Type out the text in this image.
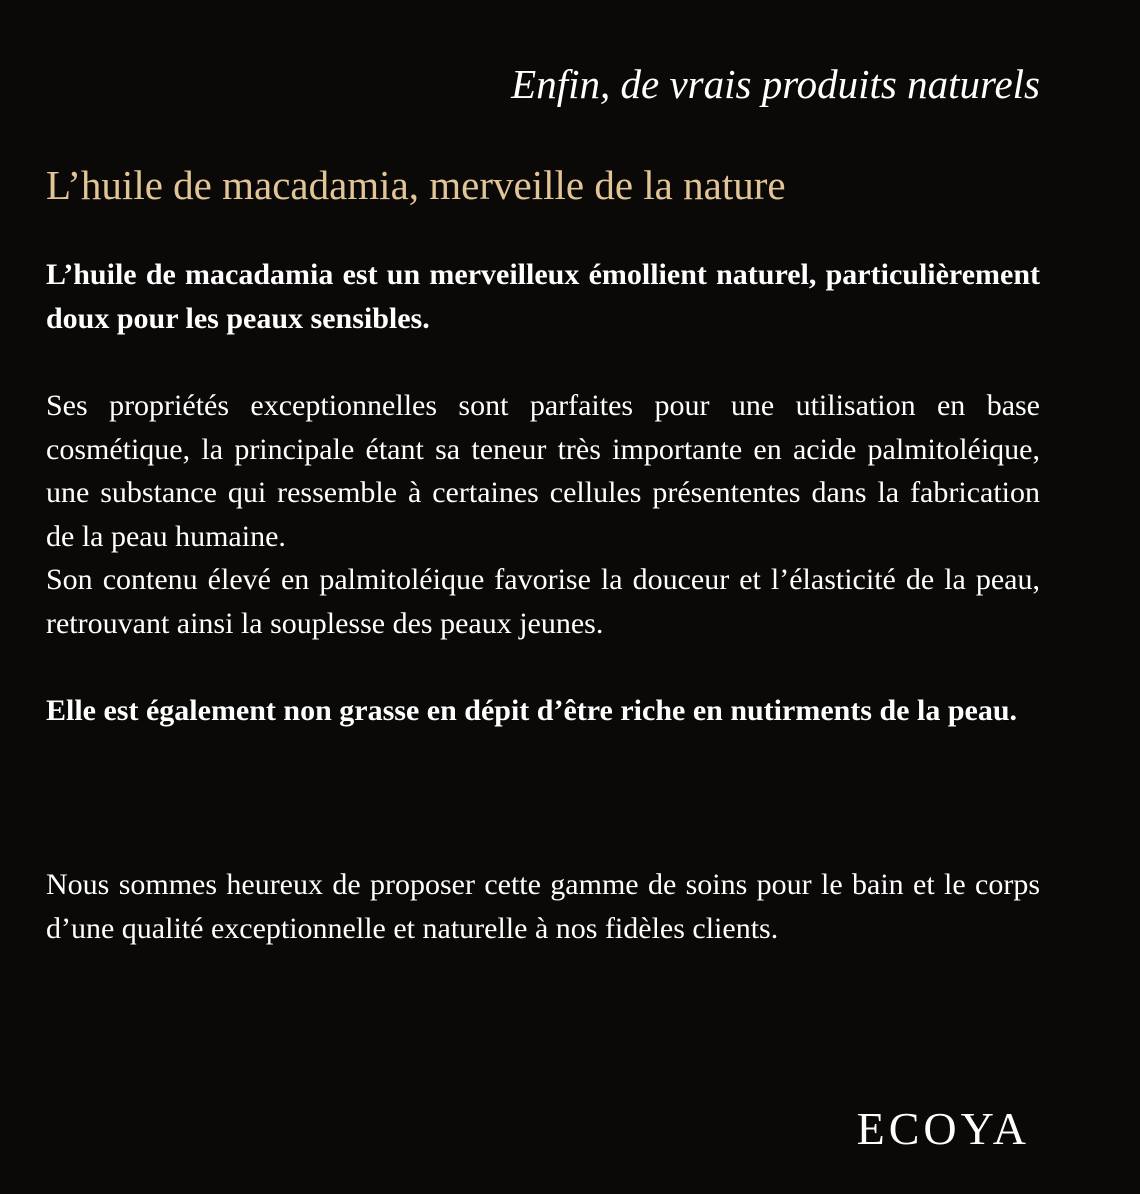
Enfin, de vrais produits naturels
L’huile de macadamia, merveille de la nature

L’huile de macadamia est un merveilleux émollient naturel, particulièrement doux pour les peaux sensibles.

Ses propriétés exceptionnelles sont parfaites pour une utilisation en base cosmétique, la principale étant sa teneur très importante en acide palmitoléique, une substance qui ressemble à certaines cellules présententes dans la fabrication de la peau humaine.
Son contenu élevé en palmitoléique favorise la douceur et l’élasticité de la peau, retrouvant ainsi la souplesse des peaux jeunes.

Elle est également non grasse en dépit d’être riche en nutirments de la peau.

Nous sommes heureux de proposer cette gamme de soins pour le bain et le corps d’une qualité exceptionnelle et naturelle à nos fidèles clients.

ECOYA
